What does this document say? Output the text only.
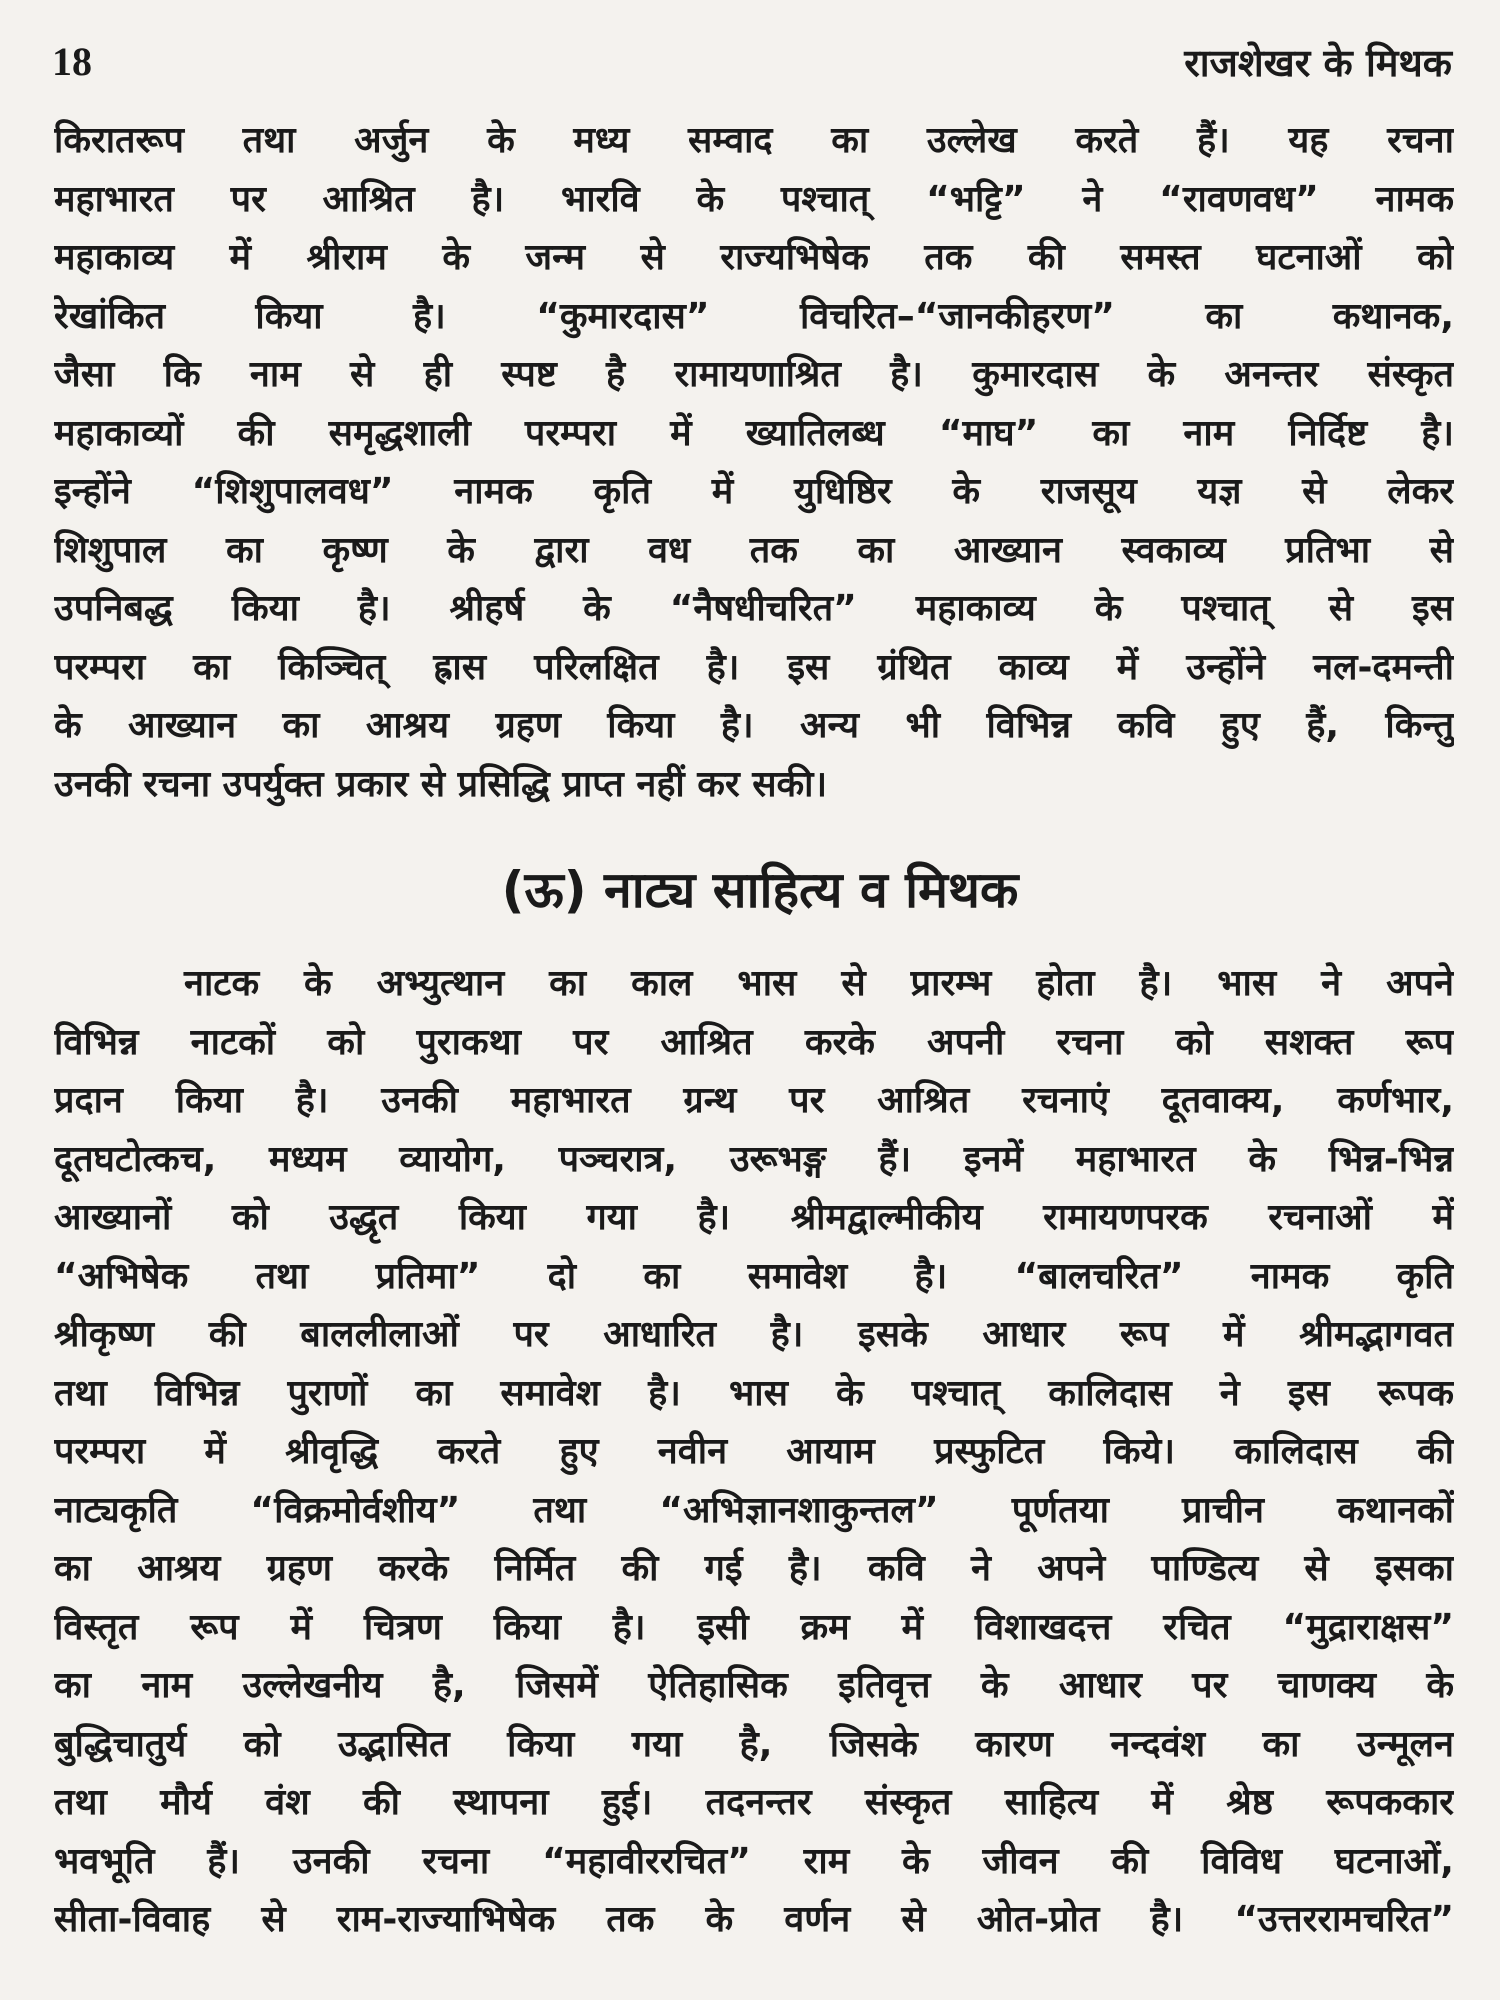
18	राजशेखर के मिथक
किरातरूप तथा अर्जुन के मध्य सम्वाद का उल्लेख करते हैं। यह रचना
महाभारत पर आश्रित है। भारवि के पश्चात् “भट्टि” ने “रावणवध” नामक
महाकाव्य में श्रीराम के जन्म से राज्यभिषेक तक की समस्त घटनाओं को
रेखांकित किया है। “कुमारदास” विचरित–“जानकीहरण” का कथानक,
जैसा कि नाम से ही स्पष्ट है रामायणाश्रित है। कुमारदास के अनन्तर संस्कृत
महाकाव्यों की समृद्धशाली परम्परा में ख्यातिलब्ध “माघ” का नाम निर्दिष्ट है।
इन्होंने “शिशुपालवध” नामक कृति में युधिष्ठिर के राजसूय यज्ञ से लेकर
शिशुपाल का कृष्ण के द्वारा वध तक का आख्यान स्वकाव्य प्रतिभा से
उपनिबद्ध किया है। श्रीहर्ष के “नैषधीचरित” महाकाव्य के पश्चात् से इस
परम्परा का किञ्चित् ह्रास परिलक्षित है। इस ग्रंथित काव्य में उन्होंने नल-दमन्ती
के आख्यान का आश्रय ग्रहण किया है। अन्य भी विभिन्न कवि हुए हैं, किन्तु
उनकी रचना उपर्युक्त प्रकार से प्रसिद्धि प्राप्त नहीं कर सकी।
(ऊ) नाट्य साहित्य व मिथक
नाटक के अभ्युत्थान का काल भास से प्रारम्भ होता है। भास ने अपने
विभिन्न नाटकों को पुराकथा पर आश्रित करके अपनी रचना को सशक्त रूप
प्रदान किया है। उनकी महाभारत ग्रन्थ पर आश्रित रचनाएं दूतवाक्य, कर्णभार,
दूतघटोत्कच, मध्यम व्यायोग, पञ्चरात्र, उरूभङ्ग हैं। इनमें महाभारत के भिन्न-भिन्न
आख्यानों को उद्धृत किया गया है। श्रीमद्वाल्मीकीय रामायणपरक रचनाओं में
“अभिषेक तथा प्रतिमा” दो का समावेश है। “बालचरित” नामक कृति
श्रीकृष्ण की बाललीलाओं पर आधारित है। इसके आधार रूप में श्रीमद्भागवत
तथा विभिन्न पुराणों का समावेश है। भास के पश्चात् कालिदास ने इस रूपक
परम्परा में श्रीवृद्धि करते हुए नवीन आयाम प्रस्फुटित किये। कालिदास की
नाट्यकृति “विक्रमोर्वशीय” तथा “अभिज्ञानशाकुन्तल” पूर्णतया प्राचीन कथानकों
का आश्रय ग्रहण करके निर्मित की गई है। कवि ने अपने पाण्डित्य से इसका
विस्तृत रूप में चित्रण किया है। इसी क्रम में विशाखदत्त रचित “मुद्राराक्षस”
का नाम उल्लेखनीय है, जिसमें ऐतिहासिक इतिवृत्त के आधार पर चाणक्य के
बुद्धिचातुर्य को उद्भासित किया गया है, जिसके कारण नन्दवंश का उन्मूलन
तथा मौर्य वंश की स्थापना हुई। तदनन्तर संस्कृत साहित्य में श्रेष्ठ रूपककार
भवभूति हैं। उनकी रचना “महावीररचित” राम के जीवन की विविध घटनाओं,
सीता-विवाह से राम-राज्याभिषेक तक के वर्णन से ओत-प्रोत है। “उत्तररामचरित”
